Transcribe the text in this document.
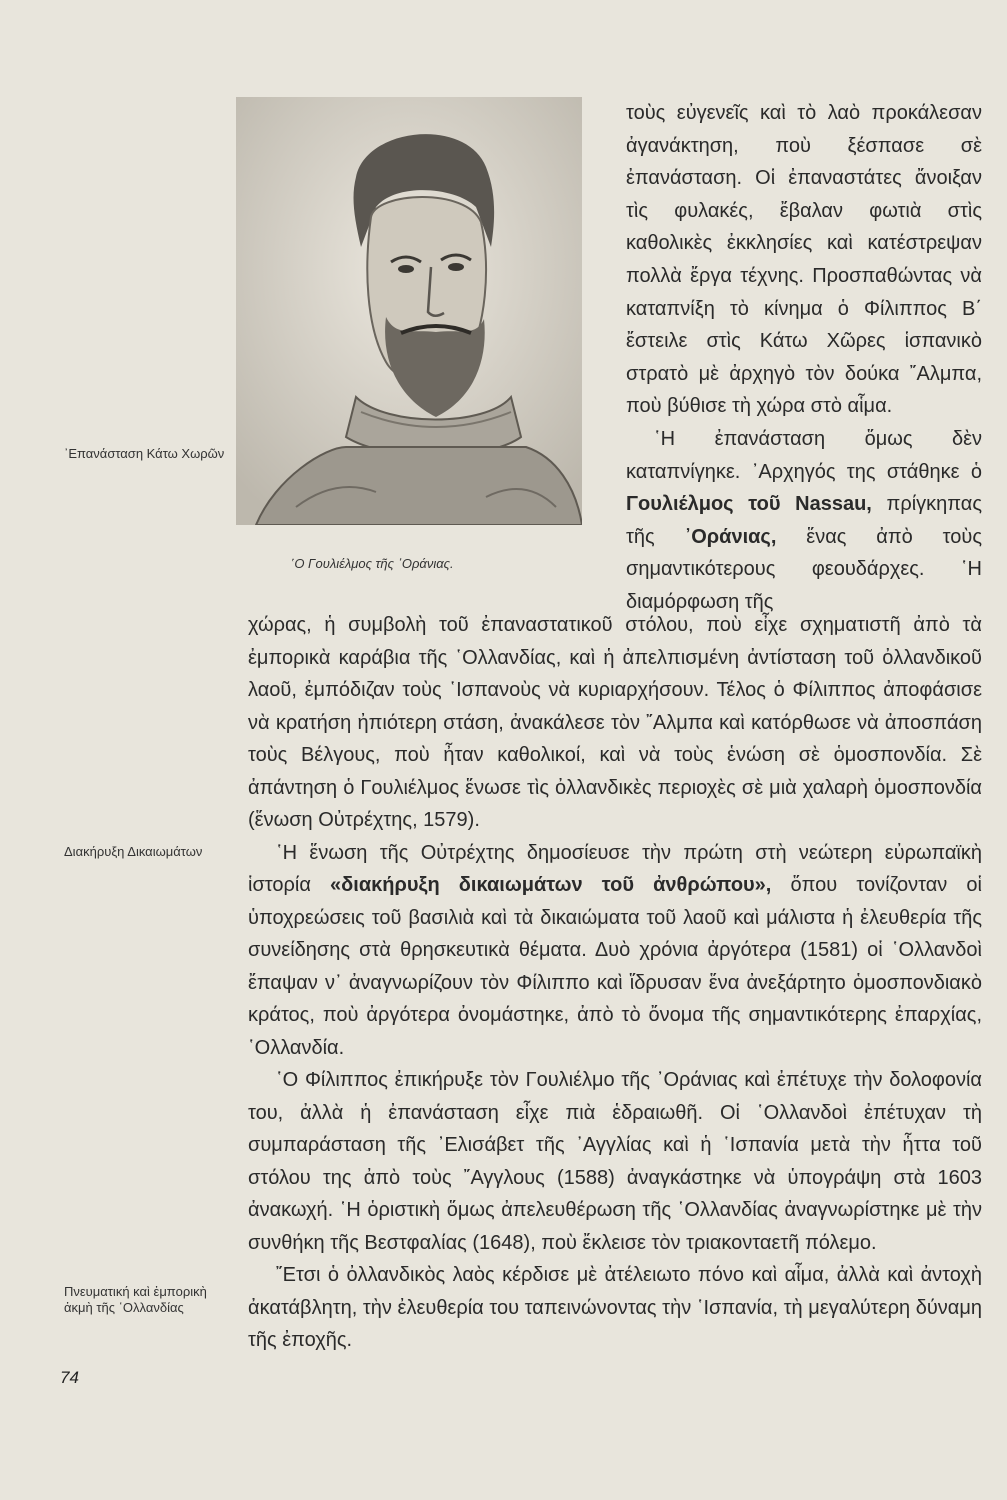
᾿Επανάσταση Κάτω Χωρῶν
Διακήρυξη Δικαιωμάτων
Πνευματική καὶ ἐμπορικὴ ἀκμὴ τῆς ῾Ολλανδίας
74
῾Ο Γουλιέλμος τῆς ᾿Οράνιας.

τοὺς εὐγενεῖς καὶ τὸ λαὸ προκάλεσαν ἀγανάκτηση, ποὺ ξέσπασε σὲ ἐπανάσταση. Οἱ ἐπαναστάτες ἄνοιξαν τὶς φυλακές, ἔβαλαν φωτιὰ στὶς καθολικὲς ἐκκλησίες καὶ κατέστρεψαν πολλὰ ἔργα τέχνης. Προσπαθώντας νὰ καταπνίξη τὸ κίνημα ὁ Φίλιππος Β΄ ἔστειλε στὶς Κάτω Χῶρες ἱσπανικὸ στρατὸ μὲ ἀρχηγὸ τὸν δούκα ῎Αλμπα, ποὺ βύθισε τὴ χώρα στὸ αἷμα.

῾Η ἐπανάσταση ὅμως δὲν καταπνίγηκε. ᾿Αρχηγός της στάθηκε ὁ Γουλιέλμος τοῦ Nassau, πρίγκηπας τῆς ᾿Οράνιας, ἕνας ἀπὸ τοὺς σημαντικότερους φεουδάρχες. ῾Η διαμόρφωση τῆς

χώρας, ἡ συμβολὴ τοῦ ἐπαναστατικοῦ στόλου, ποὺ εἶχε σχηματιστῆ ἀπὸ τὰ ἐμπορικὰ καράβια τῆς ῾Ολλανδίας, καὶ ἡ ἀπελπισμένη ἀντίσταση τοῦ ὀλλανδικοῦ λαοῦ, ἐμπόδιζαν τοὺς ῾Ισπανοὺς νὰ κυριαρχήσουν. Τέλος ὁ Φίλιππος ἀποφάσισε νὰ κρατήση ἠπιότερη στάση, ἀνακάλεσε τὸν ῎Αλμπα καὶ κατόρθωσε νὰ ἀποσπάση τοὺς Βέλγους, ποὺ ἦταν καθολικοί, καὶ νὰ τοὺς ἑνώση σὲ ὁμοσπονδία. Σὲ ἀπάντηση ὁ Γουλιέλμος ἕνωσε τὶς ὀλλανδικὲς περιοχὲς σὲ μιὰ χαλαρὴ ὁμοσπονδία (ἕνωση Οὐτρέχτης, 1579).

῾Η ἕνωση τῆς Οὐτρέχτης δημοσίευσε τὴν πρώτη στὴ νεώτερη εὐρωπαϊκὴ ἱστορία «διακήρυξη δικαιωμάτων τοῦ ἀνθρώπου», ὅπου τονίζονταν οἱ ὑποχρεώσεις τοῦ βασιλιὰ καὶ τὰ δικαιώματα τοῦ λαοῦ καὶ μάλιστα ἡ ἐλευθερία τῆς συνείδησης στὰ θρησκευτικὰ θέματα. Δυὸ χρόνια ἀργότερα (1581) οἱ ῾Ολλανδοὶ ἔπαψαν ν᾿ ἀναγνωρίζουν τὸν Φίλιππο καὶ ἵδρυσαν ἕνα ἀνεξάρτητο ὁμοσπονδιακὸ κράτος, ποὺ ἀργότερα ὀνομάστηκε, ἀπὸ τὸ ὄνομα τῆς σημαντικότερης ἐπαρχίας, ῾Ολλανδία.

῾Ο Φίλιππος ἐπικήρυξε τὸν Γουλιέλμο τῆς ᾿Οράνιας καὶ ἐπέτυχε τὴν δολοφονία του, ἀλλὰ ἡ ἐπανάσταση εἶχε πιὰ ἑδραιωθῆ. Οἱ ῾Ολλανδοὶ ἐπέτυχαν τὴ συμπαράσταση τῆς ᾿Ελισάβετ τῆς ᾿Αγγλίας καὶ ἡ ῾Ισπανία μετὰ τὴν ἧττα τοῦ στόλου της ἀπὸ τοὺς ῎Αγγλους (1588) ἀναγκάστηκε νὰ ὑπογράψη στὰ 1603 ἀνακωχή. ῾Η ὁριστικὴ ὅμως ἀπελευθέρωση τῆς ῾Ολλανδίας ἀναγνωρίστηκε μὲ τὴν συνθήκη τῆς Βεστφαλίας (1648), ποὺ ἔκλεισε τὸν τριακονταετῆ πόλεμο.

῎Ετσι ὁ ὀλλανδικὸς λαὸς κέρδισε μὲ ἀτέλειωτο πόνο καὶ αἷμα, ἀλλὰ καὶ ἀντοχὴ ἀκατάβλητη, τὴν ἐλευθερία του ταπεινώνοντας τὴν ῾Ισπανία, τὴ μεγαλύτερη δύναμη τῆς ἐποχῆς.
